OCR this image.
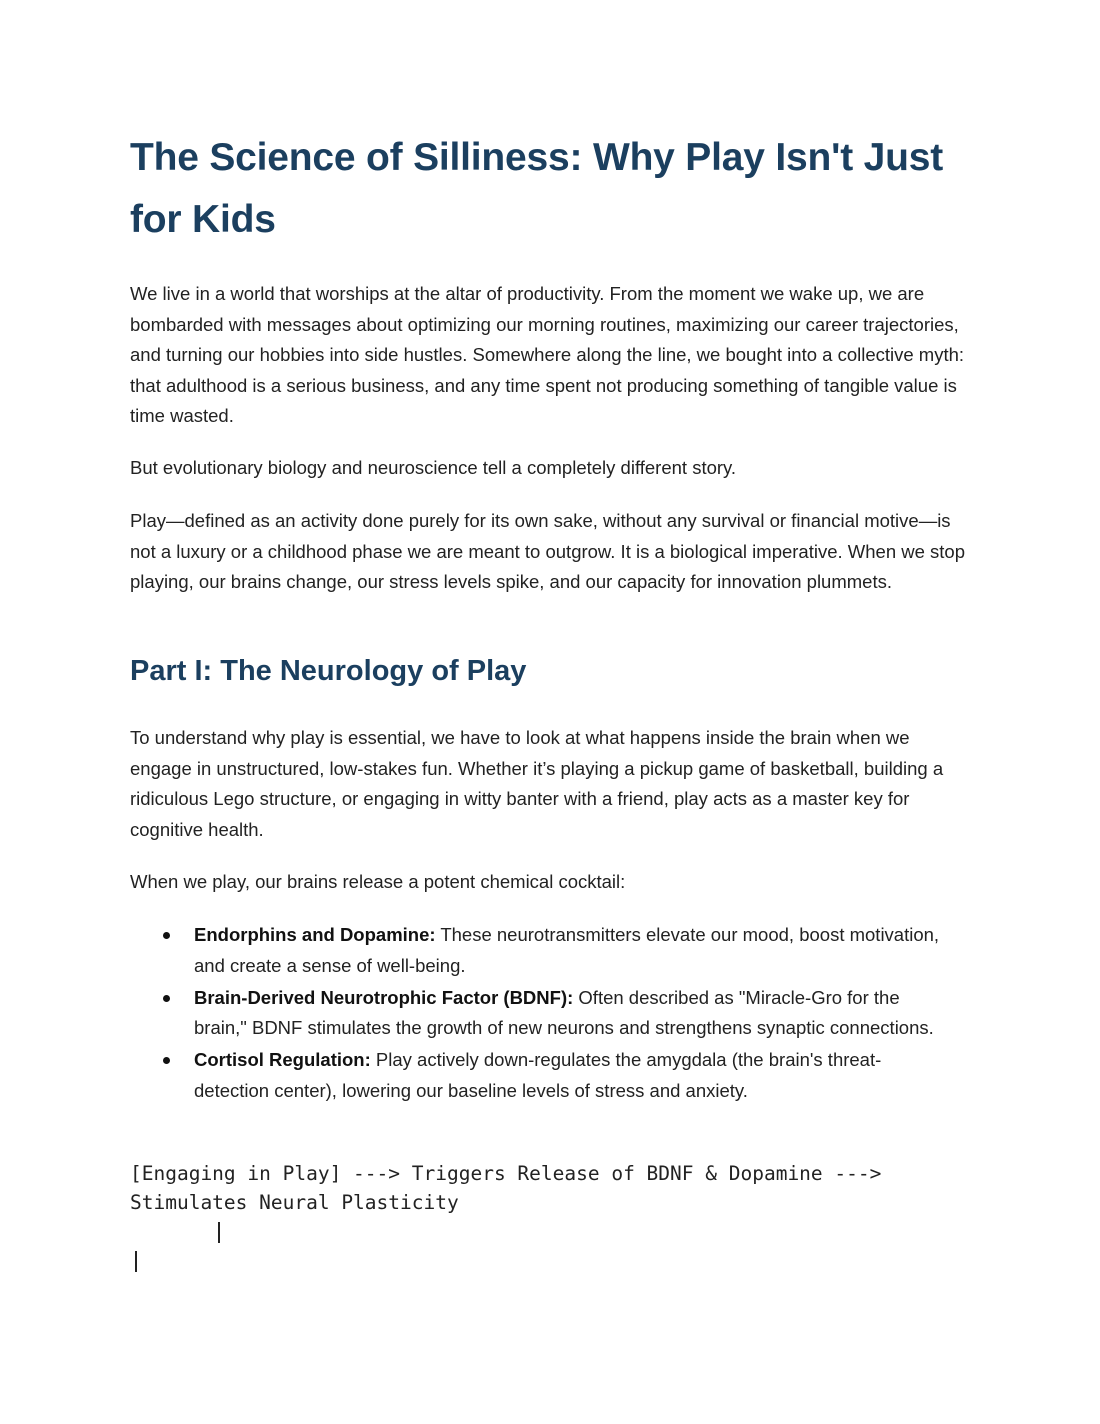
The Science of Silliness: Why Play Isn't Just for Kids

We live in a world that worships at the altar of productivity. From the moment we wake up, we are bombarded with messages about optimizing our morning routines, maximizing our career trajectories, and turning our hobbies into side hustles. Somewhere along the line, we bought into a collective myth: that adulthood is a serious business, and any time spent not producing something of tangible value is time wasted.

But evolutionary biology and neuroscience tell a completely different story.

Play—defined as an activity done purely for its own sake, without any survival or financial motive—is not a luxury or a childhood phase we are meant to outgrow. It is a biological imperative. When we stop playing, our brains change, our stress levels spike, and our capacity for innovation plummets.

Part I: The Neurology of Play

To understand why play is essential, we have to look at what happens inside the brain when we engage in unstructured, low-stakes fun. Whether it’s playing a pickup game of basketball, building a ridiculous Lego structure, or engaging in witty banter with a friend, play acts as a master key for cognitive health.

When we play, our brains release a potent chemical cocktail:

Endorphins and Dopamine: These neurotransmitters elevate our mood, boost motivation, and create a sense of well-being.
Brain-Derived Neurotrophic Factor (BDNF): Often described as "Miracle-Gro for the brain," BDNF stimulates the growth of new neurons and strengthens synaptic connections.
Cortisol Regulation: Play actively down-regulates the amygdala (the brain's threat-detection center), lowering our baseline levels of stress and anxiety.
[Engaging in Play] ---> Triggers Release of BDNF & Dopamine --->
Stimulates Neural Plasticity
